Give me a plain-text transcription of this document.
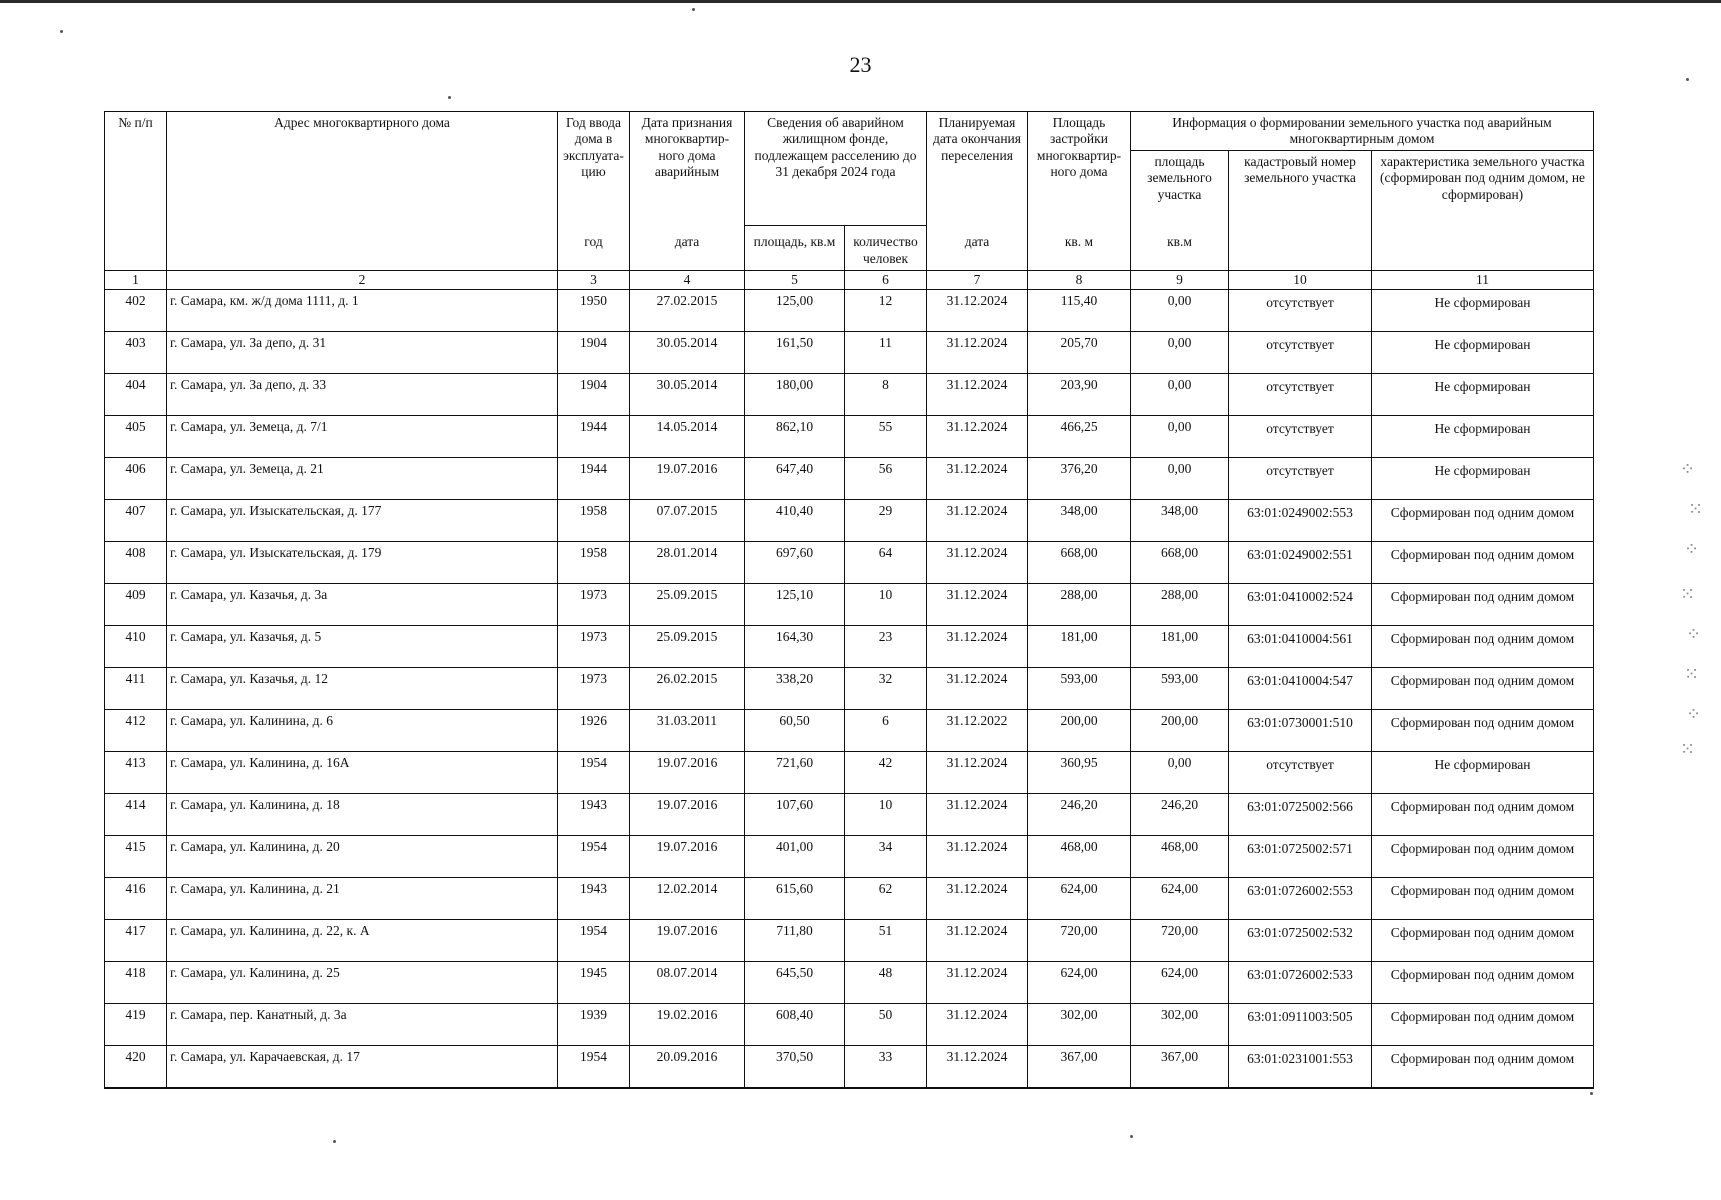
23
№ п/п	Адрес многоквартирного дома	Год ввода дома в эксплуата-цию	Дата признания многоквартир-ного дома аварийным	Сведения об аварийном жилищном фонде, подлежащем расселению до 31 декабря 2024 года		Планируемая дата окончания переселения	Площадь застройки многоквартир-ного дома	Информация о формировании земельного участка под аварийным многоквартирным домом		
								площадь земельного участка	кадастровый номер земельного участка	характеристика земельного участка (сформирован под одним домом, не сформирован)
		год	дата	площадь, кв.м	количество человек	дата	кв. м	кв.м		
1	2	3	4	5	6	7	8	9	10	11
402	г. Самара, км. ж/д дома 1111, д. 1	1950	27.02.2015	125,00	12	31.12.2024	115,40	0,00	отсутствует	Не сформирован
403	г. Самара, ул. За депо, д. 31	1904	30.05.2014	161,50	11	31.12.2024	205,70	0,00	отсутствует	Не сформирован
404	г. Самара, ул. За депо, д. 33	1904	30.05.2014	180,00	8	31.12.2024	203,90	0,00	отсутствует	Не сформирован
405	г. Самара, ул. Земеца, д. 7/1	1944	14.05.2014	862,10	55	31.12.2024	466,25	0,00	отсутствует	Не сформирован
406	г. Самара, ул. Земеца, д. 21	1944	19.07.2016	647,40	56	31.12.2024	376,20	0,00	отсутствует	Не сформирован
407	г. Самара, ул. Изыскательская, д. 177	1958	07.07.2015	410,40	29	31.12.2024	348,00	348,00	63:01:0249002:553	Сформирован под одним домом
408	г. Самара, ул. Изыскательская, д. 179	1958	28.01.2014	697,60	64	31.12.2024	668,00	668,00	63:01:0249002:551	Сформирован под одним домом
409	г. Самара, ул. Казачья, д. 3а	1973	25.09.2015	125,10	10	31.12.2024	288,00	288,00	63:01:0410002:524	Сформирован под одним домом
410	г. Самара, ул. Казачья, д. 5	1973	25.09.2015	164,30	23	31.12.2024	181,00	181,00	63:01:0410004:561	Сформирован под одним домом
411	г. Самара, ул. Казачья, д. 12	1973	26.02.2015	338,20	32	31.12.2024	593,00	593,00	63:01:0410004:547	Сформирован под одним домом
412	г. Самара, ул. Калинина, д. 6	1926	31.03.2011	60,50	6	31.12.2022	200,00	200,00	63:01:0730001:510	Сформирован под одним домом
413	г. Самара, ул. Калинина, д. 16А	1954	19.07.2016	721,60	42	31.12.2024	360,95	0,00	отсутствует	Не сформирован
414	г. Самара, ул. Калинина, д. 18	1943	19.07.2016	107,60	10	31.12.2024	246,20	246,20	63:01:0725002:566	Сформирован под одним домом
415	г. Самара, ул. Калинина, д. 20	1954	19.07.2016	401,00	34	31.12.2024	468,00	468,00	63:01:0725002:571	Сформирован под одним домом
416	г. Самара, ул. Калинина, д. 21	1943	12.02.2014	615,60	62	31.12.2024	624,00	624,00	63:01:0726002:553	Сформирован под одним домом
417	г. Самара, ул. Калинина, д. 22, к. А	1954	19.07.2016	711,80	51	31.12.2024	720,00	720,00	63:01:0725002:532	Сформирован под одним домом
418	г. Самара, ул. Калинина, д. 25	1945	08.07.2014	645,50	48	31.12.2024	624,00	624,00	63:01:0726002:533	Сформирован под одним домом
419	г. Самара, пер. Канатный, д. 3а	1939	19.02.2016	608,40	50	31.12.2024	302,00	302,00	63:01:0911003:505	Сформирован под одним домом
420	г. Самара, ул. Карачаевская, д. 17	1954	20.09.2016	370,50	33	31.12.2024	367,00	367,00	63:01:0231001:553	Сформирован под одним домом
⁘
⁙
⁘
⁙
⁘
⁙
⁘
⁙
